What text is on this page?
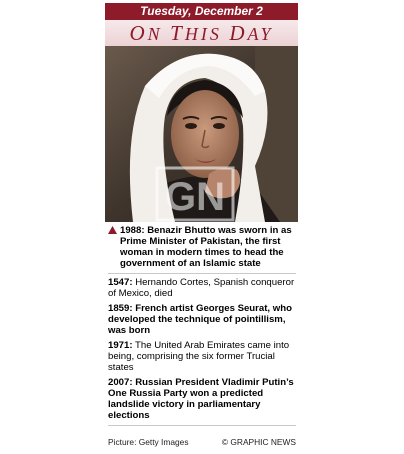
Tuesday, December 2
ON THIS DAY
GN
1988: Benazir Bhutto was sworn in as Prime Minister of Pakistan, the first woman in modern times to head the government of an Islamic state
1547: Hernando Cortes, Spanish conqueror of Mexico, died
1859: French artist Georges Seurat, who developed the technique of pointillism, was born
1971: The United Arab Emirates came into being, comprising the six former Trucial states
2007: Russian President Vladimir Putin’s One Russia Party won a predicted landslide victory in parliamentary elections
Picture: Getty Images	© GRAPHIC NEWS
